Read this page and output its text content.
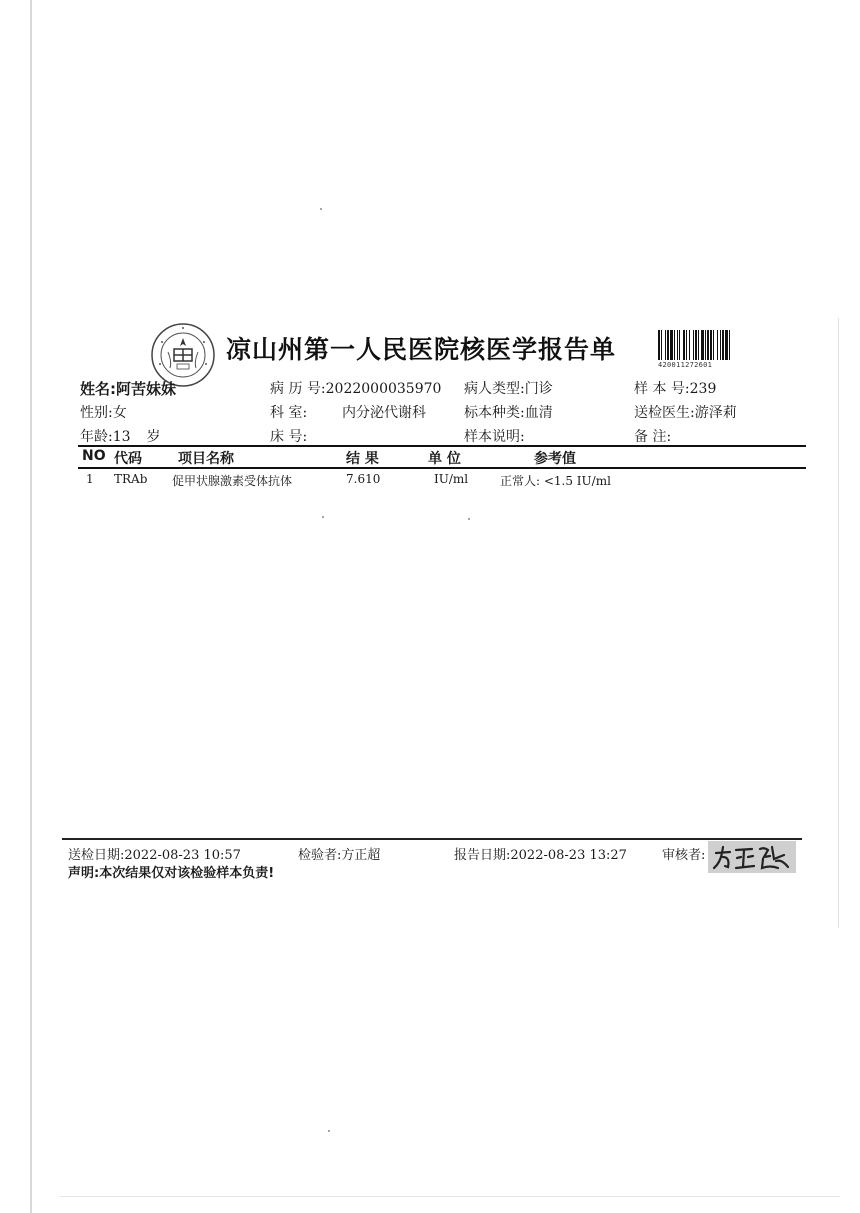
凉山州第一人民医院核医学报告单
420011272601
姓名:阿苦妹妹
性别:女
年龄:13 岁
病 历 号:2022000035970
科 室: 内分泌代谢科
床 号:
病人类型:门诊
标本种类:血清
样本说明:
样 本 号:239
送检医生:游泽莉
备 注:
NO 代码	项目名称	结 果	单 位	参考值
1 TRAb 促甲状腺激素受体抗体	7.610	IU/ml	正常人: <1.5 IU/ml
送检日期:2022-08-23 10:57	检验者:方正超	报告日期:2022-08-23 13:27	审核者:
声明:本次结果仅对该检验样本负责!
